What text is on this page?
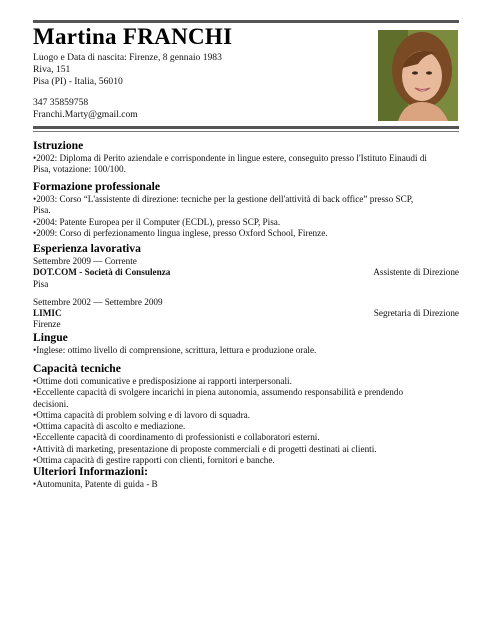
Martina FRANCHI
Luogo e Data di nascita: Firenze, 8 gennaio 1983
Riva, 151
Pisa (PI) - Italia, 56010
347 35859758
Franchi.Marty@gmail.com
Istruzione
•2002: Diploma di Perito aziendale e corrispondente in lingue estere, conseguito presso l'Istituto Einaudi di
Pisa, votazione: 100/100.
Formazione professionale
•2003: Corso “L'assistente di direzione: tecniche per la gestione dell'attività di back office” presso SCP,
Pisa.
•2004: Patente Europea per il Computer (ECDL), presso SCP, Pisa.
•2009: Corso di perfezionamento lingua inglese, presso Oxford School, Firenze.
Esperienza lavorativa
Settembre 2009 — Corrente
DOT.COM - Società di Consulenza	Assistente di Direzione
Pisa
Settembre 2002 — Settembre 2009
LIMIC	Segretaria di Direzione
Firenze
Lingue
•Inglese: ottimo livello di comprensione, scrittura, lettura e produzione orale.
Capacità tecniche
•Ottime doti comunicative e predisposizione ai rapporti interpersonali.
•Eccellente capacità di svolgere incarichi in piena autonomia, assumendo responsabilità e prendendo
decisioni.
•Ottima capacità di problem solving e di lavoro di squadra.
•Ottima capacità di ascolto e mediazione.
•Eccellente capacità di coordinamento di professionisti e collaboratori esterni.
•Attività di marketing, presentazione di proposte commerciali e di progetti destinati ai clienti.
•Ottima capacità di gestire rapporti con clienti, fornitori e banche.
Ulteriori Informazioni:
•Automunita, Patente di guida - B
